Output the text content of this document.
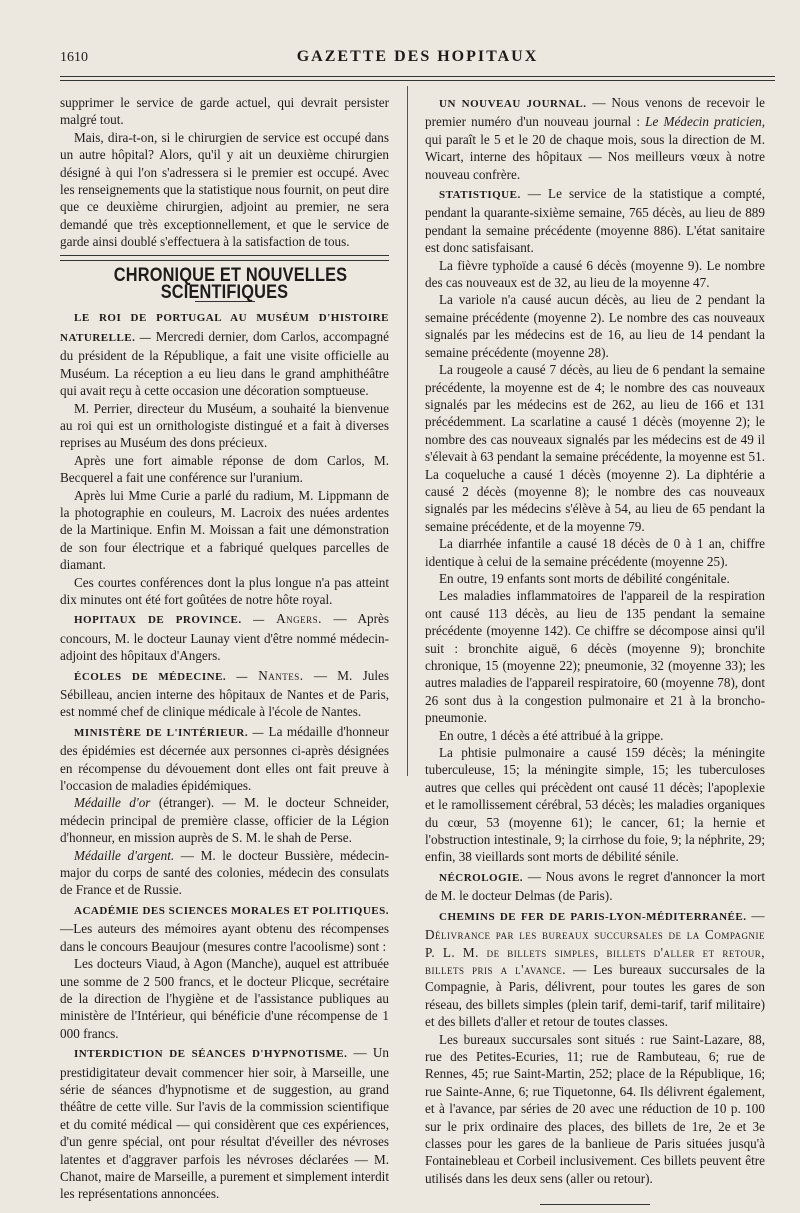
1610	GAZETTE DES HOPITAUX

supprimer le service de garde actuel, qui devrait persister malgré tout.

Mais, dira-t-on, si le chirurgien de service est occupé dans un autre hôpital? Alors, qu'il y ait un deuxième chirurgien désigné à qui l'on s'adressera si le premier est occupé. Avec les renseignements que la statistique nous fournit, on peut dire que ce deuxième chirurgien, adjoint au premier, ne sera demandé que très exceptionnellement, et que le service de garde ainsi doublé s'effectuera à la satisfaction de tous.

CHRONIQUE ET NOUVELLES SCIENTIFIQUES

LE ROI DE PORTUGAL AU MUSÉUM D'HISTOIRE NATURELLE. — Mercredi dernier, dom Carlos, accompagné du président de la République, a fait une visite officielle au Muséum. La réception a eu lieu dans le grand amphithéâtre qui avait reçu à cette occasion une décoration somptueuse.

M. Perrier, directeur du Muséum, a souhaité la bienvenue au roi qui est un ornithologiste distingué et a fait à diverses reprises au Muséum des dons précieux.

Après une fort aimable réponse de dom Carlos, M. Becquerel a fait une conférence sur l'uranium.

Après lui Mme Curie a parlé du radium, M. Lippmann de la photographie en couleurs, M. Lacroix des nuées ardentes de la Martinique. Enfin M. Moissan a fait une démonstration de son four électrique et a fabriqué quelques parcelles de diamant.

Ces courtes conférences dont la plus longue n'a pas atteint dix minutes ont été fort goûtées de notre hôte royal.

HOPITAUX DE PROVINCE. — Angers. — Après concours, M. le docteur Launay vient d'être nommé médecin-adjoint des hôpitaux d'Angers.

ÉCOLES DE MÉDECINE. — Nantes. — M. Jules Sébilleau, ancien interne des hôpitaux de Nantes et de Paris, est nommé chef de clinique médicale à l'école de Nantes.

MINISTÈRE DE L'INTÉRIEUR. — La médaille d'honneur des épidémies est décernée aux personnes ci-après désignées en récompense du dévouement dont elles ont fait preuve à l'occasion de maladies épidémiques.

Médaille d'or (étranger). — M. le docteur Schneider, médecin principal de première classe, officier de la Légion d'honneur, en mission auprès de S. M. le shah de Perse.

Médaille d'argent. — M. le docteur Bussière, médecin-major du corps de santé des colonies, médecin des consulats de France et de Russie.

ACADÉMIE DES SCIENCES MORALES ET POLITIQUES.—Les auteurs des mémoires ayant obtenu des récompenses dans le concours Beaujour (mesures contre l'acoolisme) sont :

Les docteurs Viaud, à Agon (Manche), auquel est attribuée une somme de 2 500 francs, et le docteur Plicque, secrétaire de la direction de l'hygiène et de l'assistance publiques au ministère de l'Intérieur, qui bénéficie d'une récompense de 1 000 francs.

INTERDICTION DE SÉANCES D'HYPNOTISME. — Un prestidigitateur devait commencer hier soir, à Marseille, une série de séances d'hypnotisme et de suggestion, au grand théâtre de cette ville. Sur l'avis de la commission scientifique et du comité médical — qui considèrent que ces expériences, d'un genre spécial, ont pour résultat d'éveiller des névroses latentes et d'aggraver parfois les névroses déclarées — M. Chanot, maire de Marseille, a purement et simplement interdit les représentations annoncées.

UN NOUVEAU JOURNAL. — Nous venons de recevoir le premier numéro d'un nouveau journal : Le Médecin praticien, qui paraît le 5 et le 20 de chaque mois, sous la direction de M. Wicart, interne des hôpitaux — Nos meilleurs vœux à notre nouveau confrère.

STATISTIQUE. — Le service de la statistique a compté, pendant la quarante-sixième semaine, 765 décès, au lieu de 889 pendant la semaine précédente (moyenne 886). L'état sanitaire est donc satisfaisant.

La fièvre typhoïde a causé 6 décès (moyenne 9). Le nombre des cas nouveaux est de 32, au lieu de la moyenne 47.

La variole n'a causé aucun décès, au lieu de 2 pendant la semaine précédente (moyenne 2). Le nombre des cas nouveaux signalés par les médecins est de 16, au lieu de 14 pendant la semaine précédente (moyenne 28).

La rougeole a causé 7 décès, au lieu de 6 pendant la semaine précédente, la moyenne est de 4; le nombre des cas nouveaux signalés par les médecins est de 262, au lieu de 166 et 131 précédemment. La scarlatine a causé 1 décès (moyenne 2); le nombre des cas nouveaux signalés par les médecins est de 49 il s'élevait à 63 pendant la semaine précédente, la moyenne est 51. La coqueluche a causé 1 décès (moyenne 2). La diphtérie a causé 2 décès (moyenne 8); le nombre des cas nouveaux signalés par les médecins s'élève à 54, au lieu de 65 pendant la semaine précédente, et de la moyenne 79.

La diarrhée infantile a causé 18 décès de 0 à 1 an, chiffre identique à celui de la semaine précédente (moyenne 25).

En outre, 19 enfants sont morts de débilité congénitale.

Les maladies inflammatoires de l'appareil de la respiration ont causé 113 décès, au lieu de 135 pendant la semaine précédente (moyenne 142). Ce chiffre se décompose ainsi qu'il suit : bronchite aiguë, 6 décès (moyenne 9); bronchite chronique, 15 (moyenne 22); pneumonie, 32 (moyenne 33); les autres maladies de l'appareil respiratoire, 60 (moyenne 78), dont 26 sont dus à la congestion pulmonaire et 21 à la broncho-pneumonie.

En outre, 1 décès a été attribué à la grippe.

La phtisie pulmonaire a causé 159 décès; la méningite tuberculeuse, 15; la méningite simple, 15; les tuberculoses autres que celles qui précèdent ont causé 11 décès; l'apoplexie et le ramollissement cérébral, 53 décès; les maladies organiques du cœur, 53 (moyenne 61); le cancer, 61; la hernie et l'obstruction intestinale, 9; la cirrhose du foie, 9; la néphrite, 29; enfin, 38 vieillards sont morts de débilité sénile.

NÉCROLOGIE. — Nous avons le regret d'annoncer la mort de M. le docteur Delmas (de Paris).

CHEMINS DE FER DE PARIS-LYON-MÉDITERRANÉE. — Délivrance par les bureaux succursales de la Compagnie P. L. M. de billets simples, billets d'aller et retour, billets pris a l'avance. — Les bureaux succursales de la Compagnie, à Paris, délivrent, pour toutes les gares de son réseau, des billets simples (plein tarif, demi-tarif, tarif militaire) et des billets d'aller et retour de toutes classes.

Les bureaux succursales sont situés : rue Saint-Lazare, 88, rue des Petites-Ecuries, 11; rue de Rambuteau, 6; rue de Rennes, 45; rue Saint-Martin, 252; place de la République, 16; rue Sainte-Anne, 6; rue Tiquetonne, 64. Ils délivrent également, et à l'avance, par séries de 20 avec une réduction de 10 p. 100 sur le prix ordinaire des places, des billets de 1re, 2e et 3e classes pour les gares de la banlieue de Paris situées jusqu'à Fontainebleau et Corbeil inclusivement. Ces billets peuvent être utilisés dans les deux sens (aller ou retour).
